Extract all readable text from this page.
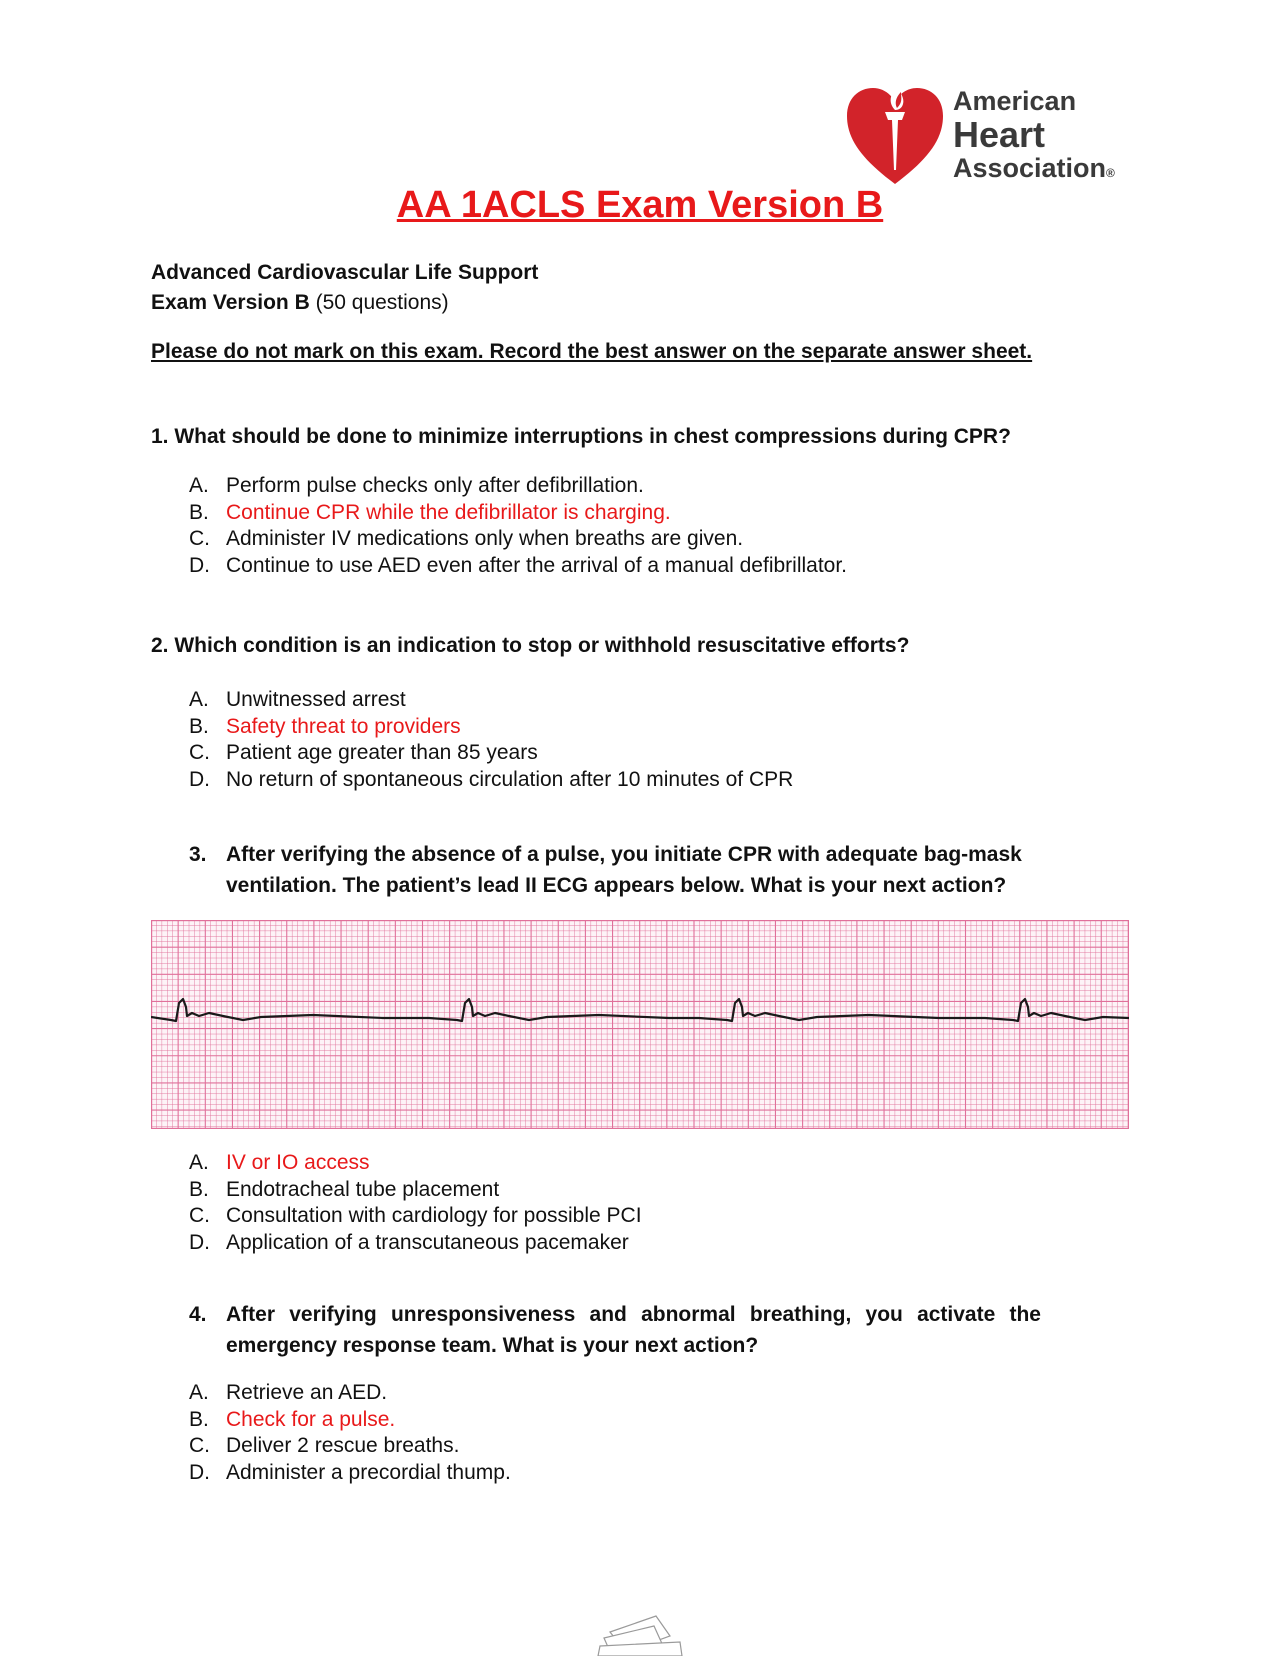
American
Heart
Association®
AA 1ACLS Exam Version B
Advanced Cardiovascular Life Support
Exam Version B (50 questions)
Please do not mark on this exam. Record the best answer on the separate answer sheet.
1. What should be done to minimize interruptions in chest compressions during CPR?
A. Perform pulse checks only after defibrillation.
B. Continue CPR while the defibrillator is charging.
C. Administer IV medications only when breaths are given.
D. Continue to use AED even after the arrival of a manual defibrillator.
2. Which condition is an indication to stop or withhold resuscitative efforts?
A. Unwitnessed arrest
B. Safety threat to providers
C. Patient age greater than 85 years
D. No return of spontaneous circulation after 10 minutes of CPR
3. After verifying the absence of a pulse, you initiate CPR with adequate bag-mask ventilation. The patient’s lead II ECG appears below. What is your next action?
A. IV or IO access
B. Endotracheal tube placement
C. Consultation with cardiology for possible PCI
D. Application of a transcutaneous pacemaker
4. After verifying unresponsiveness and abnormal breathing, you activate the emergency response team. What is your next action?
A. Retrieve an AED.
B. Check for a pulse.
C. Deliver 2 rescue breaths.
D. Administer a precordial thump.
